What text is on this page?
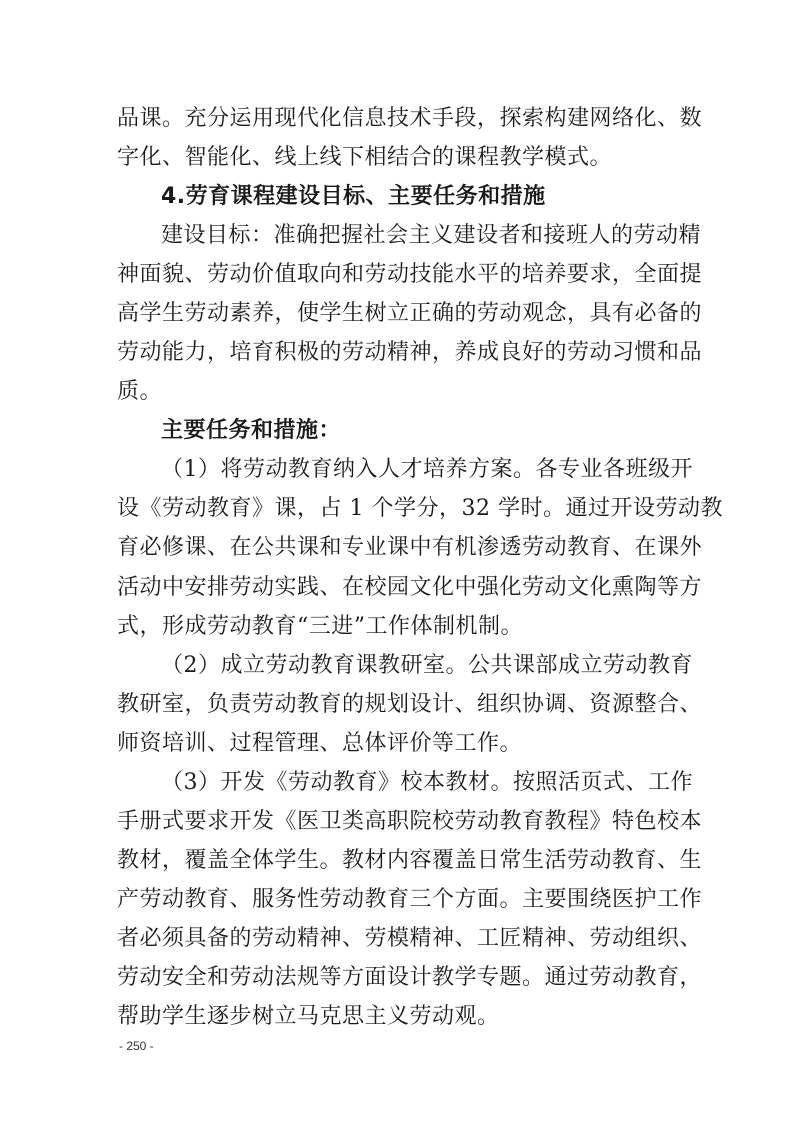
品课。充分运用现代化信息技术手段，探索构建网络化、数
字化、智能化、线上线下相结合的课程教学模式。
4.劳育课程建设目标、主要任务和措施
建设目标：准确把握社会主义建设者和接班人的劳动精
神面貌、劳动价值取向和劳动技能水平的培养要求，全面提
高学生劳动素养，使学生树立正确的劳动观念，具有必备的
劳动能力，培育积极的劳动精神，养成良好的劳动习惯和品
质。
主要任务和措施：
（1）将劳动教育纳入人才培养方案。各专业各班级开
设《劳动教育》课，占 1 个学分，32 学时。通过开设劳动教
育必修课、在公共课和专业课中有机渗透劳动教育、在课外
活动中安排劳动实践、在校园文化中强化劳动文化熏陶等方
式，形成劳动教育“三进”工作体制机制。
（2）成立劳动教育课教研室。公共课部成立劳动教育
教研室，负责劳动教育的规划设计、组织协调、资源整合、
师资培训、过程管理、总体评价等工作。
（3）开发《劳动教育》校本教材。按照活页式、工作
手册式要求开发《医卫类高职院校劳动教育教程》特色校本
教材，覆盖全体学生。教材内容覆盖日常生活劳动教育、生
产劳动教育、服务性劳动教育三个方面。主要围绕医护工作
者必须具备的劳动精神、劳模精神、工匠精神、劳动组织、
- 250 -
劳动安全和劳动法规等方面设计教学专题。通过劳动教育，
帮助学生逐步树立马克思主义劳动观。
